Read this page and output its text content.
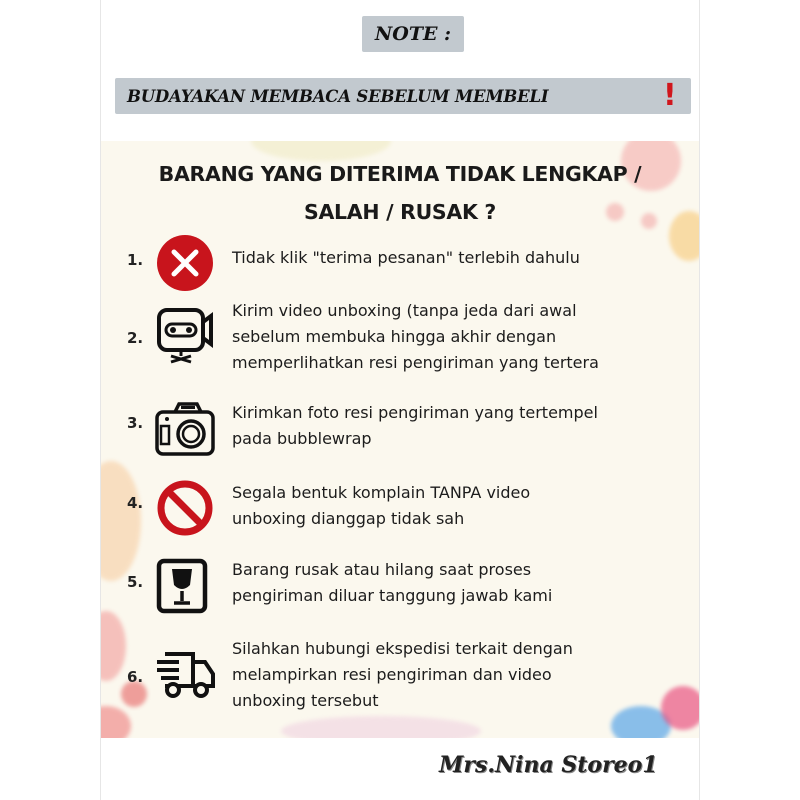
NOTE :
BUDAYAKAN MEMBACA SEBELUM MEMBELI	!
BARANG YANG DITERIMA TIDAK LENGKAP /
SALAH / RUSAK ?
1.	Tidak klik "terima pesanan" terlebih dahulu
2.
Kirim video unboxing (tanpa jeda dari awal
sebelum membuka hingga akhir dengan
memperlihatkan resi pengiriman yang tertera
3.
Kirimkan foto resi pengiriman yang tertempel
pada bubblewrap
4.
Segala bentuk komplain TANPA video
unboxing dianggap tidak sah
5.
Barang rusak atau hilang saat proses
pengiriman diluar tanggung jawab kami
6.
Silahkan hubungi ekspedisi terkait dengan
melampirkan resi pengiriman dan video
unboxing tersebut
Mrs.Nina Storeo1
